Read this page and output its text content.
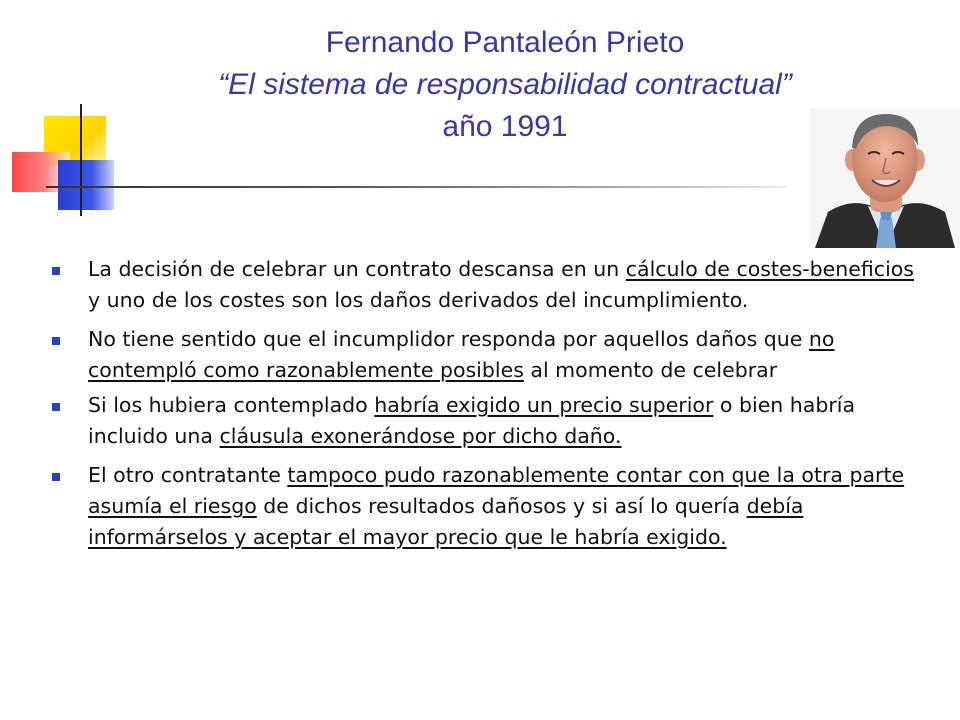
Fernando Pantaleón Prieto
“El sistema de responsabilidad contractual”
año 1991
La decisión de celebrar un contrato descansa en un cálculo de costes-beneficios y uno de los costes son los daños derivados del incumplimiento.
No tiene sentido que el incumplidor responda por aquellos daños que no contempló como razonablemente posibles al momento de celebrar
Si los hubiera contemplado habría exigido un precio superior o bien habría incluido una cláusula exonerándose por dicho daño.
El otro contratante tampoco pudo razonablemente contar con que la otra parte asumía el riesgo de dichos resultados dañosos y si así lo quería debía informárselos y aceptar el mayor precio que le habría exigido.
